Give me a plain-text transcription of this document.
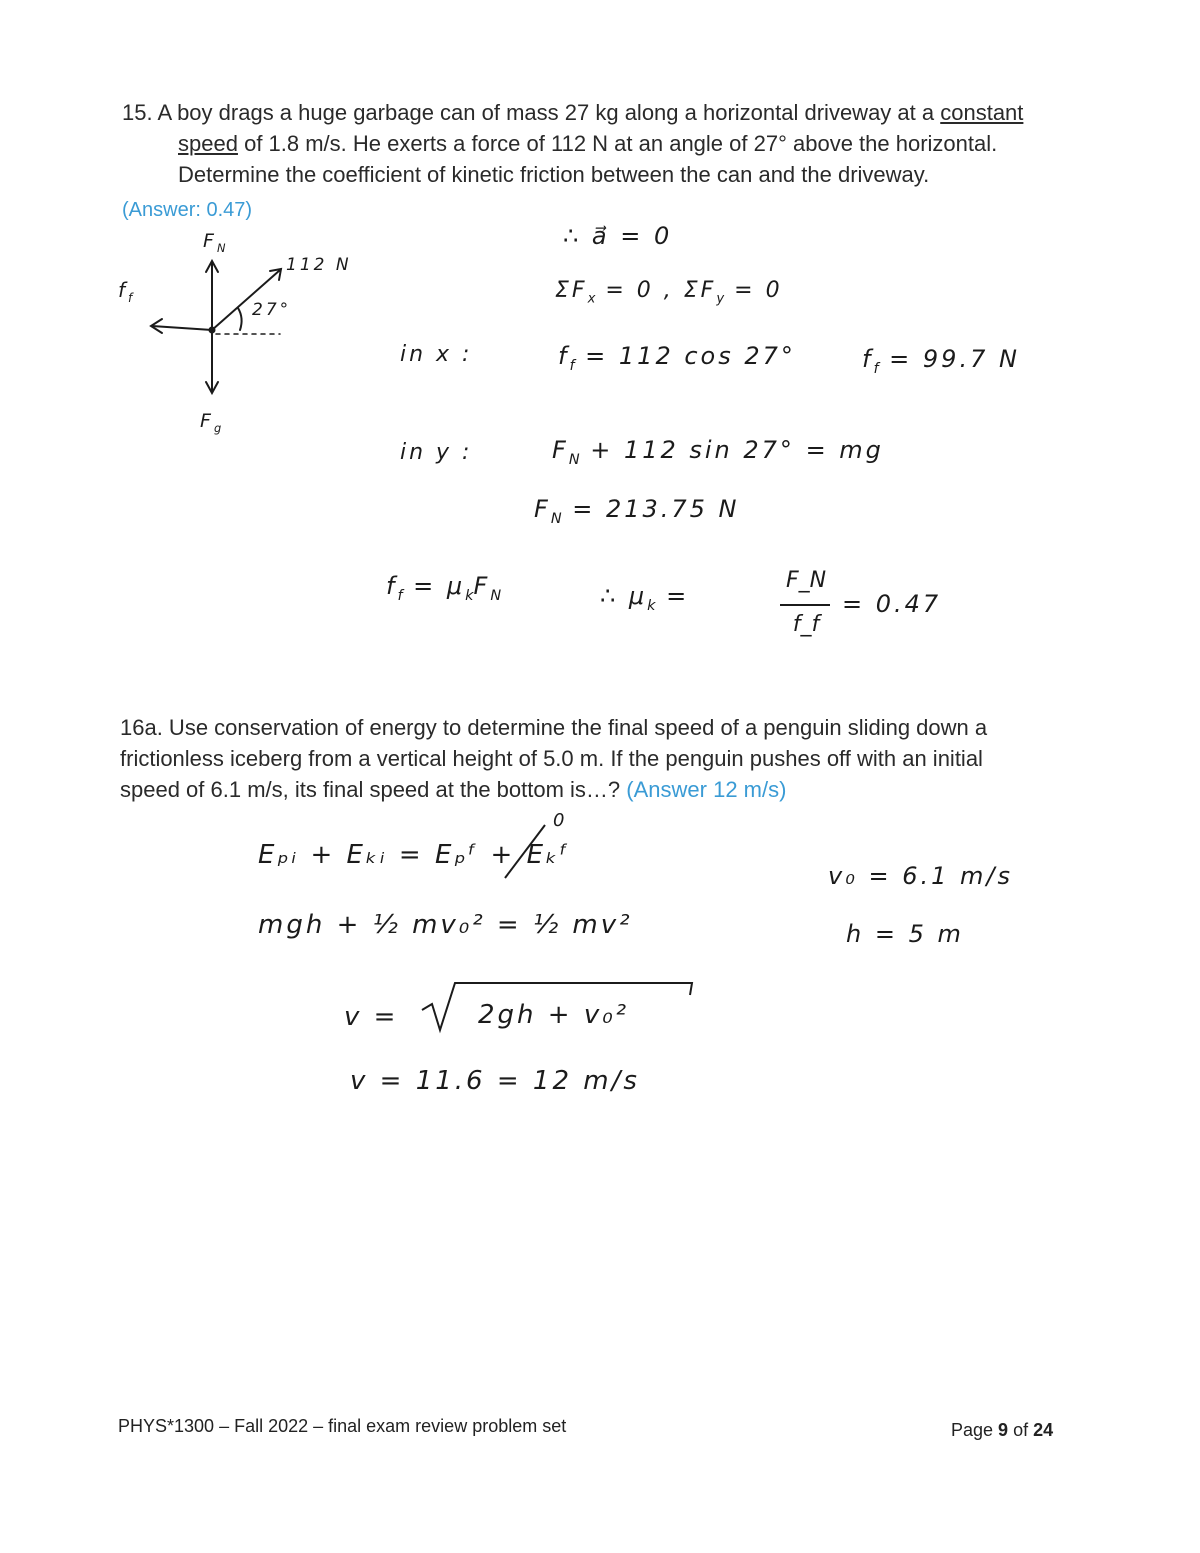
15. A boy drags a huge garbage can of mass 27 kg along a horizontal driveway at a constant
speed of 1.8 m/s. He exerts a force of 112 N at an angle of 27° above the horizontal.
Determine the coefficient of kinetic friction between the can and the driveway.
(Answer: 0.47)
$F_N$
$f_f$
$F_g$
112 N
27°
∴ a⃗ = 0
$\Sigma F_x = 0$ , $\Sigma F_y = 0$
in x :	$f_f = 112$ cos 27°	$f_f = 99.7$ N
in y :	$F_N + 112$ sin 27° = mg
$F_N = 213.75$ N
$f_f = \mu_kF_N$	∴ $\mu_k$ =
F_N
f_f
= 0.47
16a. Use conservation of energy to determine the final speed of a penguin sliding down a
frictionless iceberg from a vertical height of 5.0 m. If the penguin pushes off with an initial
speed of 6.1 m/s, its final speed at the bottom is…? (Answer 12 m/s)
Eₚᵢ + Eₖᵢ = Eₚᶠ + Eₖᶠ
0
mgh + ½ mv₀² = ½ mv²
v =	2gh + v₀²
v = 11.6 = 12 m/s
v₀ = 6.1 m/s
h = 5 m
PHYS*1300 – Fall 2022 – final exam review problem set	Page 9 of 24
